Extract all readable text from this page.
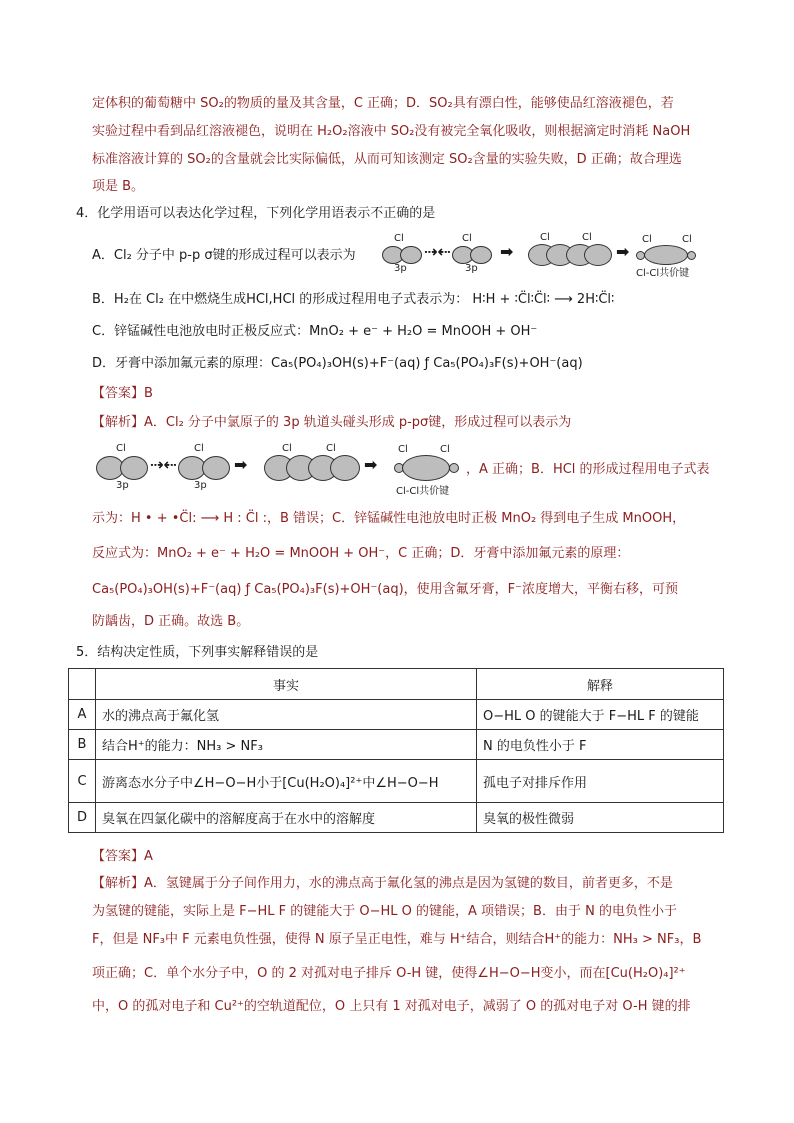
定体积的葡萄糖中 SO₂的物质的量及其含量，C 正确；D．SO₂具有漂白性，能够使品红溶液褪色，若
实验过程中看到品红溶液褪色，说明在 H₂O₂溶液中 SO₂没有被完全氧化吸收，则根据滴定时消耗 NaOH
标准溶液计算的 SO₂的含量就会比实际偏低，从而可知该测定 SO₂含量的实验失败，D 正确；故合理选
项是 B。
4．化学用语可以表达化学过程，下列化学用语表示不正确的是
A．Cl₂ 分子中 p-p σ键的形成过程可以表示为
Cl
3p
⇢⇠
Cl
3p
➡
Cl	Cl
➡
Cl	Cl
Cl-Cl共价键
B．H₂在 Cl₂ 在中燃烧生成HCl,HCl 的形成过程用电子式表示为： H∶H + ∶C̈l∶C̈l∶ ⟶ 2H∶C̈l∶
C．锌锰碱性电池放电时正极反应式：MnO₂ + e⁻ + H₂O = MnOOH + OH⁻
D．牙膏中添加氟元素的原理：Ca₅(PO₄)₃OH(s)+F⁻(aq) ƒ Ca₅(PO₄)₃F(s)+OH⁻(aq)
【答案】B
【解析】A．Cl₂ 分子中氯原子的 3p 轨道头碰头形成 p-pσ键，形成过程可以表示为
Cl
3p
⇢⇠
Cl
3p
➡
Cl	Cl
➡
Cl	Cl
Cl-Cl共价键
，A 正确；B．HCl 的形成过程用电子式表
示为：H • + •C̈l: ⟶ H : C̈l :，B 错误；C．锌锰碱性电池放电时正极 MnO₂ 得到电子生成 MnOOH，
反应式为：MnO₂ + e⁻ + H₂O = MnOOH + OH⁻，C 正确；D．牙膏中添加氟元素的原理：
Ca₅(PO₄)₃OH(s)+F⁻(aq) ƒ Ca₅(PO₄)₃F(s)+OH⁻(aq)，使用含氟牙膏，F⁻浓度增大，平衡右移，可预
防龋齿，D 正确。故选 B。
5．结构决定性质，下列事实解释错误的是
	事实	解释
A	水的沸点高于氟化氢	O−HL O 的键能大于 F−HL F 的键能
B	结合H⁺的能力：NH₃ > NF₃	N 的电负性小于 F
C	游离态水分子中∠H−O−H小于[Cu(H₂O)₄]²⁺中∠H−O−H	孤电子对排斥作用
D	臭氧在四氯化碳中的溶解度高于在水中的溶解度	臭氧的极性微弱
【答案】A
【解析】A．氢键属于分子间作用力，水的沸点高于氟化氢的沸点是因为氢键的数目，前者更多，不是
为氢键的键能，实际上是 F−HL F 的键能大于 O−HL O 的键能，A 项错误；B．由于 N 的电负性小于
F，但是 NF₃中 F 元素电负性强，使得 N 原子呈正电性，难与 H⁺结合，则结合H⁺的能力：NH₃ > NF₃，B
项正确；C．单个水分子中，O 的 2 对孤对电子排斥 O-H 键，使得∠H−O−H变小，而在[Cu(H₂O)₄]²⁺
中，O 的孤对电子和 Cu²⁺的空轨道配位，O 上只有 1 对孤对电子，减弱了 O 的孤对电子对 O-H 键的排
